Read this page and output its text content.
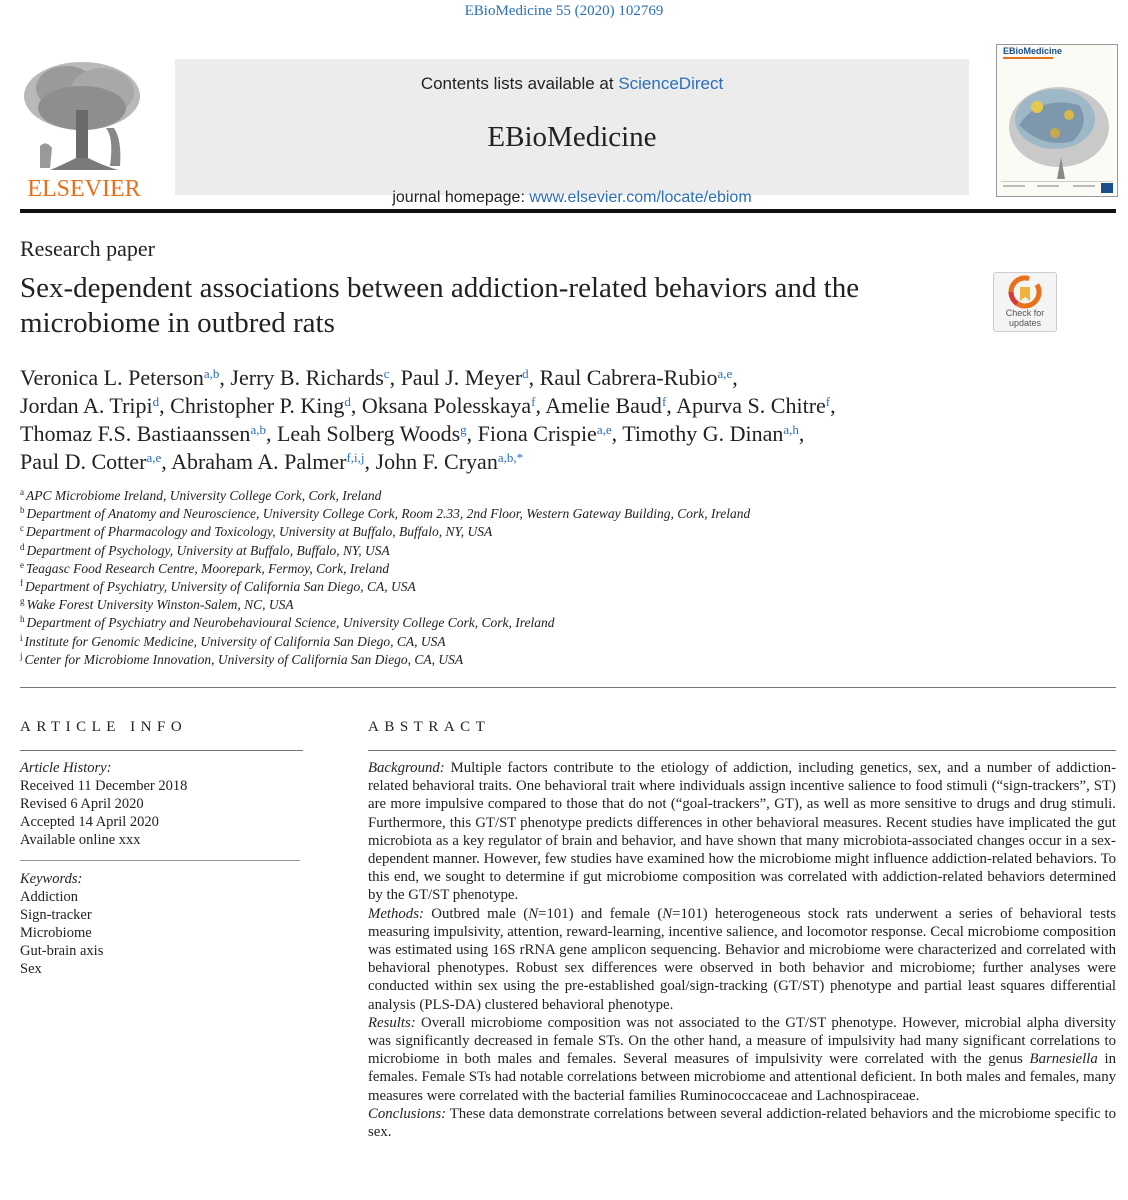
EBioMedicine 55 (2020) 102769
ELSEVIER
Contents lists available at ScienceDirect
EBioMedicine
journal homepage: www.elsevier.com/locate/ebiom
EBioMedicine
Research paper
Sex-dependent associations between addiction-related behaviors and the microbiome in outbred rats	Check for updates
Veronica L. Peterson$^{a,b}$, Jerry B. Richards$^c$, Paul J. Meyer$^d$, Raul Cabrera-Rubio$^{a,e}$,
Jordan A. Tripi$^d$, Christopher P. King$^d$, Oksana Polesskaya$^f$, Amelie Baud$^f$, Apurva S. Chitre$^f$,
Thomaz F.S. Bastiaanssen$^{a,b}$, Leah Solberg Woods$^g$, Fiona Crispie$^{a,e}$, Timothy G. Dinan$^{a,h}$,
Paul D. Cotter$^{a,e}$, Abraham A. Palmer$^{f,i,j}$, John F. Cryan$^{a,b,*}$
$^a$ APC Microbiome Ireland, University College Cork, Cork, Ireland
$^b$ Department of Anatomy and Neuroscience, University College Cork, Room 2.33, 2nd Floor, Western Gateway Building, Cork, Ireland
$^c$ Department of Pharmacology and Toxicology, University at Buffalo, Buffalo, NY, USA
$^d$ Department of Psychology, University at Buffalo, Buffalo, NY, USA
$^e$ Teagasc Food Research Centre, Moorepark, Fermoy, Cork, Ireland
$^f$ Department of Psychiatry, University of California San Diego, CA, USA
$^g$ Wake Forest University Winston-Salem, NC, USA
$^h$ Department of Psychiatry and Neurobehavioural Science, University College Cork, Cork, Ireland
$^i$ Institute for Genomic Medicine, University of California San Diego, CA, USA
$^j$ Center for Microbiome Innovation, University of California San Diego, CA, USA
ARTICLE INFO	ABSTRACT
Article History:
Received 11 December 2018
Revised 6 April 2020
Accepted 14 April 2020
Available online xxx
Keywords:
Addiction
Sign-tracker
Microbiome
Gut-brain axis
Sex

Background: Multiple factors contribute to the etiology of addiction, including genetics, sex, and a number of addiction-related behavioral traits. One behavioral trait where individuals assign incentive salience to food stimuli (“sign-trackers”, ST) are more impulsive compared to those that do not (“goal-trackers”, GT), as well as more sensitive to drugs and drug stimuli. Furthermore, this GT/ST phenotype predicts differences in other behavioral measures. Recent studies have implicated the gut microbiota as a key regulator of brain and behavior, and have shown that many microbiota-associated changes occur in a sex-dependent manner. However, few studies have examined how the microbiome might influence addiction-related behaviors. To this end, we sought to determine if gut microbiome composition was correlated with addiction-related behaviors determined by the GT/ST phenotype.

Methods: Outbred male (N=101) and female (N=101) heterogeneous stock rats underwent a series of behavioral tests measuring impulsivity, attention, reward-learning, incentive salience, and locomotor response. Cecal microbiome composition was estimated using 16S rRNA gene amplicon sequencing. Behavior and microbiome were characterized and correlated with behavioral phenotypes. Robust sex differences were observed in both behavior and microbiome; further analyses were conducted within sex using the pre-established goal/sign-tracking (GT/ST) phenotype and partial least squares differential analysis (PLS-DA) clustered behavioral phenotype.

Results: Overall microbiome composition was not associated to the GT/ST phenotype. However, microbial alpha diversity was significantly decreased in female STs. On the other hand, a measure of impulsivity had many significant correlations to microbiome in both males and females. Several measures of impulsivity were correlated with the genus Barnesiella in females. Female STs had notable correlations between microbiome and attentional deficient. In both males and females, many measures were correlated with the bacterial families Ruminococcaceae and Lachnospiraceae.

Conclusions: These data demonstrate correlations between several addiction-related behaviors and the microbiome specific to sex.
